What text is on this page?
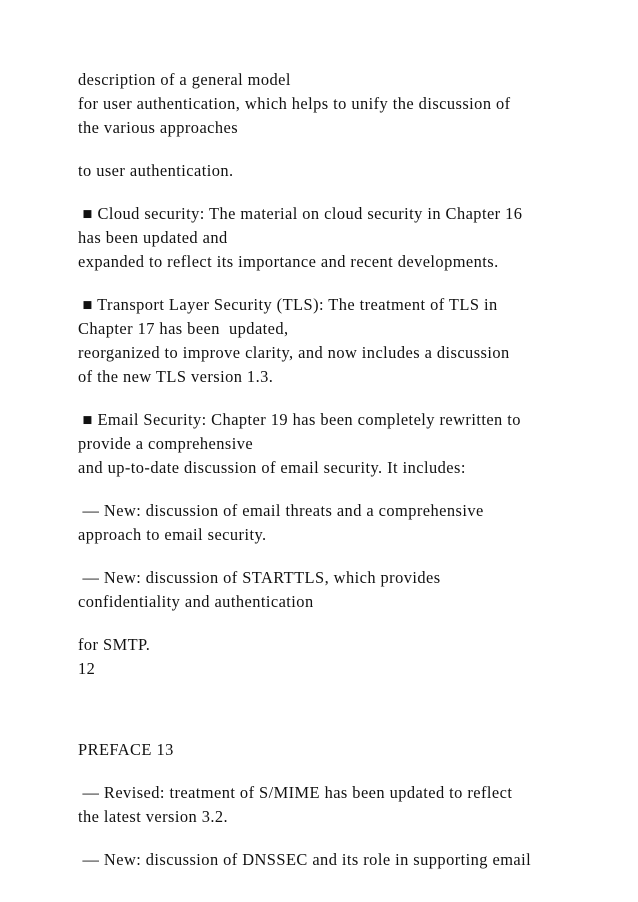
description of a general model
for user authentication, which helps to unify the discussion of
the various approaches
to user authentication.
■ Cloud security: The material on cloud security in Chapter 16
has been updated and
expanded to reflect its importance and recent developments.
■ Transport Layer Security (TLS): The treatment of TLS in
Chapter 17 has been  updated,
reorganized to improve clarity, and now includes a discussion
of the new TLS version 1.3.
■ Email Security: Chapter 19 has been completely rewritten to
provide a comprehensive
and up-to-date discussion of email security. It includes:
— New: discussion of email threats and a comprehensive
approach to email security.
— New: discussion of STARTTLS, which provides
confidentiality and authentication
for SMTP.
12
PREFACE 13
— Revised: treatment of S/MIME has been updated to reflect
the latest version 3.2.
— New: discussion of DNSSEC and its role in supporting email
